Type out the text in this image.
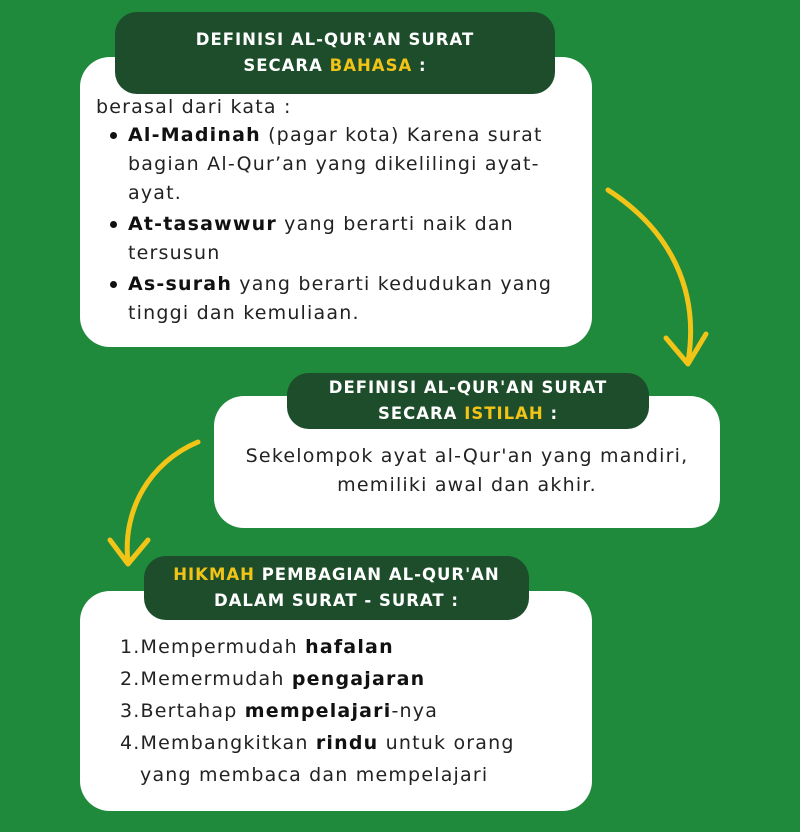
DEFINISI AL-QUR'AN SURAT
SECARA BAHASA :
berasal dari kata :
Al-Madinah (pagar kota) Karena surat bagian Al-Qur’an yang dikelilingi ayat-ayat.
At-tasawwur yang berarti naik dan tersusun
As-surah yang berarti kedudukan yang tinggi dan kemuliaan.
Sekelompok ayat al-Qur'an yang mandiri,
memiliki awal dan akhir.
DEFINISI AL-QUR'AN SURAT
SECARA ISTILAH :
1.Mempermudah hafalan
2.Memermudah pengajaran
3.Bertahap mempelajari-nya
4.Membangkitkan rindu untuk orang
yang membaca dan mempelajari
HIKMAH PEMBAGIAN AL-QUR'AN
DALAM SURAT - SURAT :
